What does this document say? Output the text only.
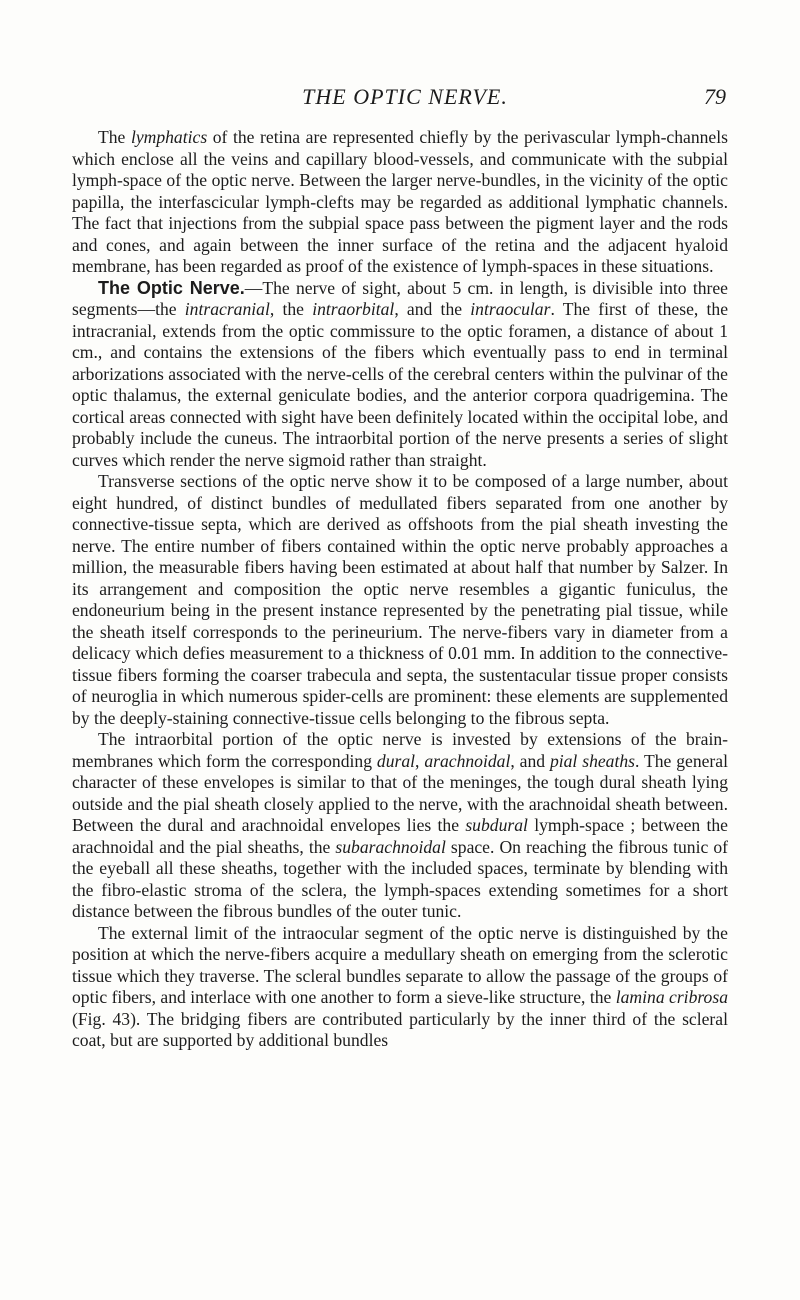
THE OPTIC NERVE.	79

The lymphatics of the retina are represented chiefly by the perivascular lymph-channels which enclose all the veins and capillary blood-vessels, and communicate with the subpial lymph-space of the optic nerve. Between the larger nerve-bundles, in the vicinity of the optic papilla, the interfascicular lymph-clefts may be regarded as additional lymphatic channels. The fact that injections from the subpial space pass between the pigment layer and the rods and cones, and again between the inner surface of the retina and the adjacent hyaloid membrane, has been regarded as proof of the existence of lymph-spaces in these situations.

The Optic Nerve.—The nerve of sight, about 5 cm. in length, is divisible into three segments—the intracranial, the intraorbital, and the intraocular. The first of these, the intracranial, extends from the optic commissure to the optic foramen, a distance of about 1 cm., and contains the extensions of the fibers which eventually pass to end in terminal arborizations associated with the nerve-cells of the cerebral centers within the pulvinar of the optic thalamus, the external geniculate bodies, and the anterior corpora quadrigemina. The cortical areas connected with sight have been definitely located within the occipital lobe, and probably include the cuneus. The intraorbital portion of the nerve presents a series of slight curves which render the nerve sigmoid rather than straight.

Transverse sections of the optic nerve show it to be composed of a large number, about eight hundred, of distinct bundles of medullated fibers separated from one another by connective-tissue septa, which are derived as offshoots from the pial sheath investing the nerve. The entire number of fibers contained within the optic nerve probably approaches a million, the measurable fibers having been estimated at about half that number by Salzer. In its arrangement and composition the optic nerve resembles a gigantic funiculus, the endoneurium being in the present instance represented by the penetrating pial tissue, while the sheath itself corresponds to the perineurium. The nerve-fibers vary in diameter from a delicacy which defies measurement to a thickness of 0.01 mm. In addition to the connective-tissue fibers forming the coarser trabecula and septa, the sustentacular tissue proper consists of neuroglia in which numerous spider-cells are prominent: these elements are supplemented by the deeply-staining connective-tissue cells belonging to the fibrous septa.

The intraorbital portion of the optic nerve is invested by extensions of the brain-membranes which form the corresponding dural, arachnoidal, and pial sheaths. The general character of these envelopes is similar to that of the meninges, the tough dural sheath lying outside and the pial sheath closely applied to the nerve, with the arachnoidal sheath between. Between the dural and arachnoidal envelopes lies the subdural lymph-space ; between the arachnoidal and the pial sheaths, the subarachnoidal space. On reaching the fibrous tunic of the eyeball all these sheaths, together with the included spaces, terminate by blending with the fibro-elastic stroma of the sclera, the lymph-spaces extending sometimes for a short distance between the fibrous bundles of the outer tunic.

The external limit of the intraocular segment of the optic nerve is distinguished by the position at which the nerve-fibers acquire a medullary sheath on emerging from the sclerotic tissue which they traverse. The scleral bundles separate to allow the passage of the groups of optic fibers, and interlace with one another to form a sieve-like structure, the lamina cribrosa (Fig. 43). The bridging fibers are contributed particularly by the inner third of the scleral coat, but are supported by additional bundles
